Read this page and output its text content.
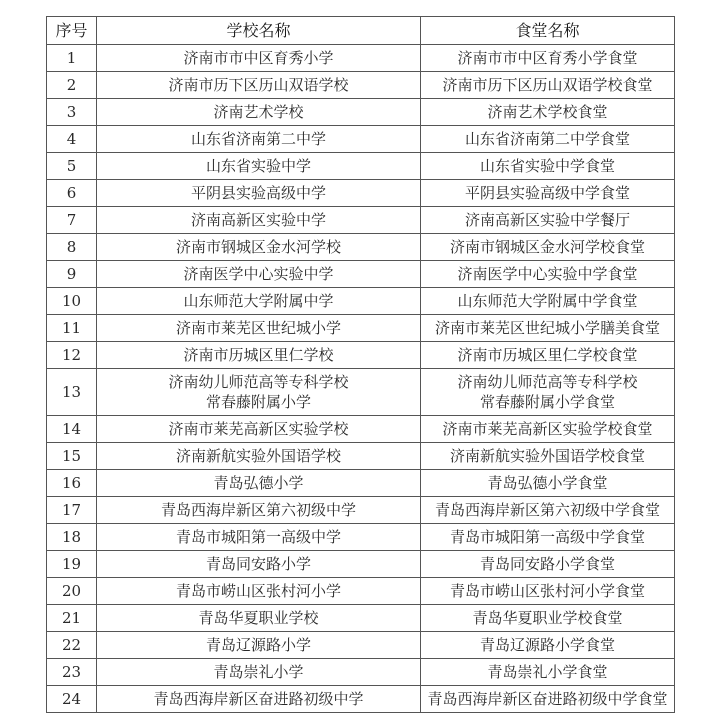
序号	学校名称	食堂名称
1	济南市市中区育秀小学	济南市市中区育秀小学食堂

2	济南市历下区历山双语学校	济南市历下区历山双语学校食堂

3	济南艺术学校	济南艺术学校食堂

4	山东省济南第二中学	山东省济南第二中学食堂

5	山东省实验中学	山东省实验中学食堂

6	平阴县实验高级中学	平阴县实验高级中学食堂

7	济南高新区实验中学	济南高新区实验中学餐厅

8	济南市钢城区金水河学校	济南市钢城区金水河学校食堂

9	济南医学中心实验中学	济南医学中心实验中学食堂

10	山东师范大学附属中学	山东师范大学附属中学食堂

11	济南市莱芜区世纪城小学	济南市莱芜区世纪城小学膳美食堂

12	济南市历城区里仁学校	济南市历城区里仁学校食堂

13	济南幼儿师范高等专科学校
常春藤附属小学	济南幼儿师范高等专科学校
常春藤附属小学食堂

14	济南市莱芜高新区实验学校	济南市莱芜高新区实验学校食堂

15	济南新航实验外国语学校	济南新航实验外国语学校食堂

16	青岛弘德小学	青岛弘德小学食堂

17	青岛西海岸新区第六初级中学	青岛西海岸新区第六初级中学食堂

18	青岛市城阳第一高级中学	青岛市城阳第一高级中学食堂

19	青岛同安路小学	青岛同安路小学食堂

20	青岛市崂山区张村河小学	青岛市崂山区张村河小学食堂

21	青岛华夏职业学校	青岛华夏职业学校食堂

22	青岛辽源路小学	青岛辽源路小学食堂

23	青岛崇礼小学	青岛崇礼小学食堂

24	青岛西海岸新区奋进路初级中学	青岛西海岸新区奋进路初级中学食堂
